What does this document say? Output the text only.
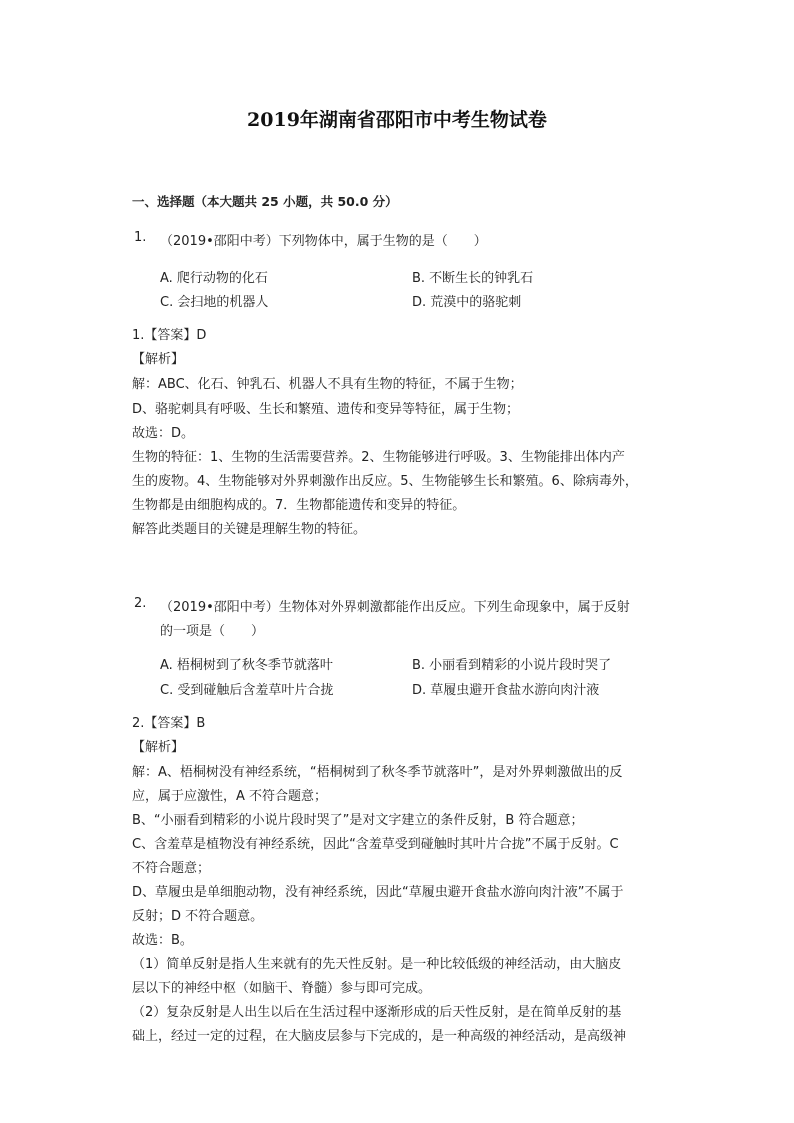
2019年湖南省邵阳市中考生物试卷
一、选择题（本大题共 25 小题，共 50.0 分）
1. （2019•邵阳中考）下列物体中，属于生物的是（　　）
A. 爬行动物的化石	B. 不断生长的钟乳石
C. 会扫地的机器人	D. 荒漠中的骆驼刺
1.【答案】D
【解析】
解：ABC、化石、钟乳石、机器人不具有生物的特征，不属于生物；
D、骆驼刺具有呼吸、生长和繁殖、遗传和变异等特征，属于生物；
故选：D。
生物的特征：1、生物的生活需要营养。2、生物能够进行呼吸。3、生物能排出体内产
生的废物。4、生物能够对外界刺激作出反应。5、生物能够生长和繁殖。6、除病毒外，
生物都是由细胞构成的。7．生物都能遗传和变异的特征。
解答此类题目的关键是理解生物的特征。
2. （2019•邵阳中考）生物体对外界刺激都能作出反应。下列生命现象中，属于反射
的一项是（　　）
A. 梧桐树到了秋冬季节就落叶	B. 小丽看到精彩的小说片段时哭了
C. 受到碰触后含羞草叶片合拢	D. 草履虫避开食盐水游向肉汁液
2.【答案】B
【解析】
解：A、梧桐树没有神经系统，“梧桐树到了秋冬季节就落叶”，是对外界刺激做出的反
应，属于应激性，A 不符合题意；
B、“小丽看到精彩的小说片段时哭了”是对文字建立的条件反射，B 符合题意；
C、含羞草是植物没有神经系统，因此“含羞草受到碰触时其叶片合拢”不属于反射。C
不符合题意；
D、草履虫是单细胞动物，没有神经系统，因此“草履虫避开食盐水游向肉汁液”不属于
反射；D 不符合题意。
故选：B。
（1）简单反射是指人生来就有的先天性反射。是一种比较低级的神经活动，由大脑皮
层以下的神经中枢（如脑干、脊髓）参与即可完成。
（2）复杂反射是人出生以后在生活过程中逐渐形成的后天性反射，是在简单反射的基
础上，经过一定的过程，在大脑皮层参与下完成的，是一种高级的神经活动，是高级神
